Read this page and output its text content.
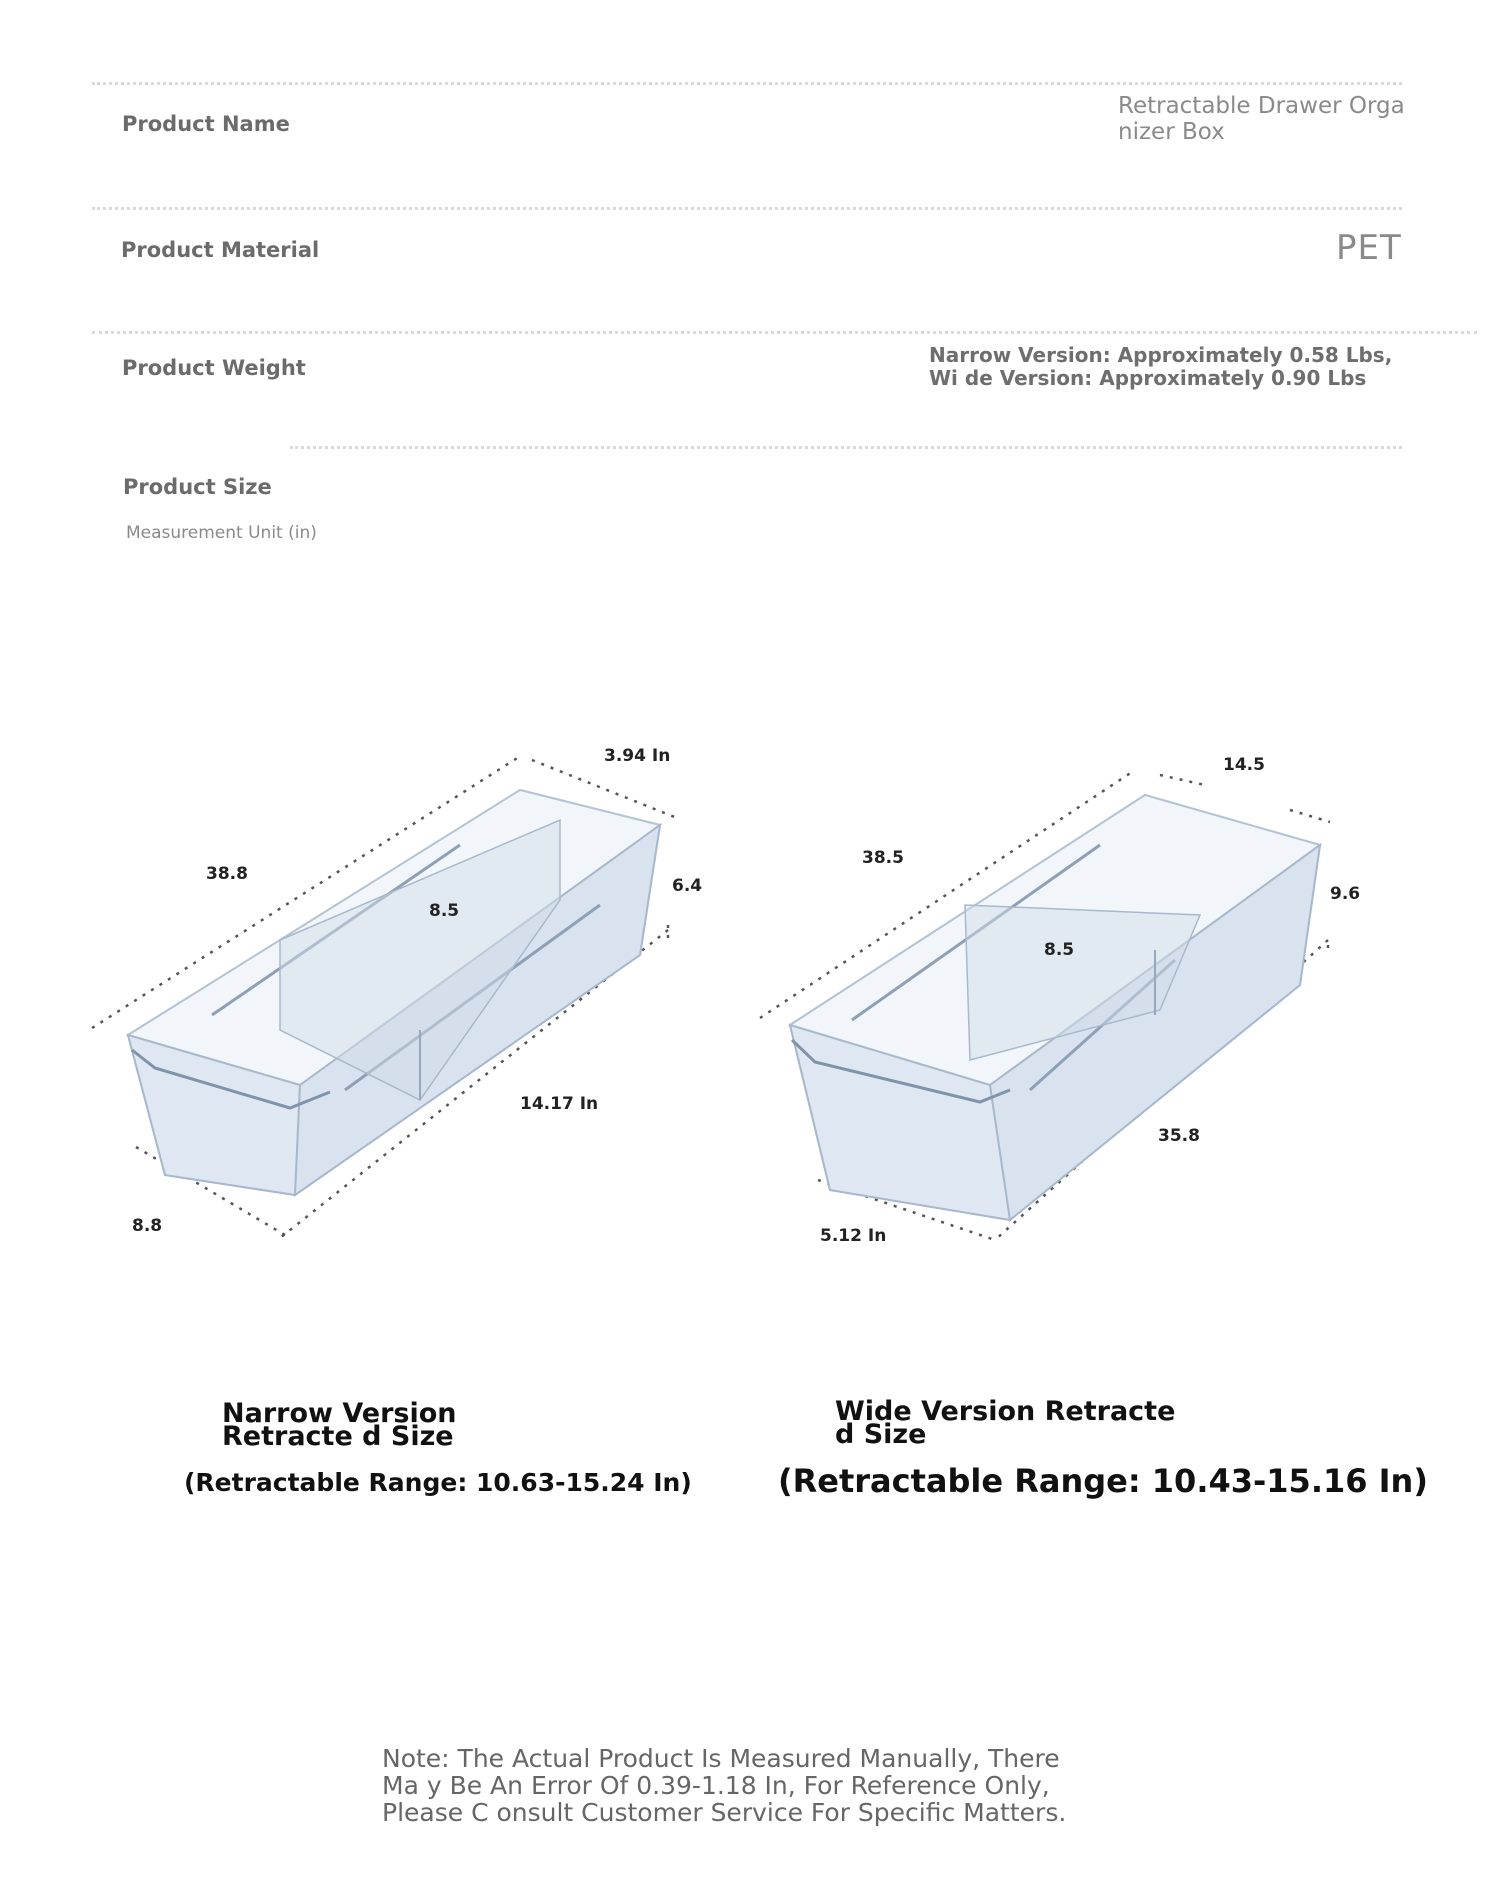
Product Name
Retractable Drawer Orga nizer Box
Product Material	PET
Product Weight
Narrow Version: Approximately 0.58 Lbs, Wi de Version: Approximately 0.90 Lbs
Product Size
Measurement Unit (in)
3.94 In
38.8
6.4
8.5
14.17 In
8.8
14.5
38.5
9.6
8.5
35.8
5.12 In
Narrow Version Retracte d Size
(Retractable Range: 10.63-15.24 In)
Wide Version Retracte d Size
(Retractable Range: 10.43-15.16 In)
Note: The Actual Product Is Measured Manually, There Ma y Be An Error Of 0.39-1.18 In, For Reference Only, Please C onsult Customer Service For Specific Matters.
